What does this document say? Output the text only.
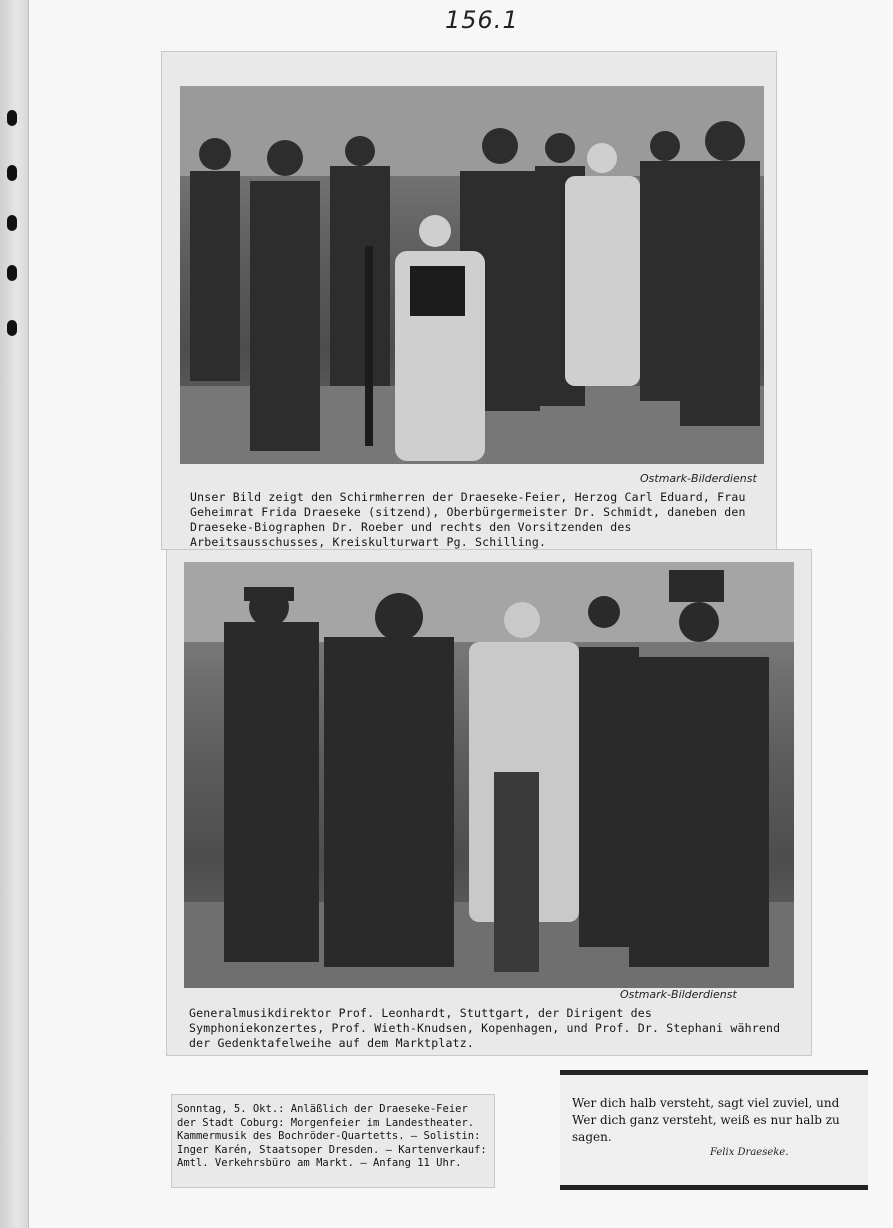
156.1
Ostmark-Bilderdienst
Unser Bild zeigt den Schirmherren der Draeseke-Feier, Herzog Carl Eduard, Frau Geheimrat Frida Draeseke (sitzend), Oberbürgermeister Dr. Schmidt, daneben den Draeseke-Biographen Dr. Roeber und rechts den Vorsitzenden des Arbeitsausschusses, Kreiskulturwart Pg. Schilling.
Ostmark-Bilderdienst
Generalmusikdirektor Prof. Leonhardt, Stuttgart, der Dirigent des Symphoniekonzertes, Prof. Wieth-Knudsen, Kopenhagen, und Prof. Dr. Stephani während der Gedenktafelweihe auf dem Marktplatz.
Sonntag, 5. Okt.: Anläßlich der Draeseke-Feier der Stadt Coburg: Morgenfeier im Landestheater. Kammermusik des Bochröder-Quartetts. — Solistin: Inger Karén, Staatsoper Dresden. — Kartenverkauf: Amtl. Verkehrsbüro am Markt. — Anfang 11 Uhr.
Wer dich halb versteht, sagt viel zuviel, und Wer dich ganz versteht, weiß es nur halb zu sagen.
Felix Draeseke.
